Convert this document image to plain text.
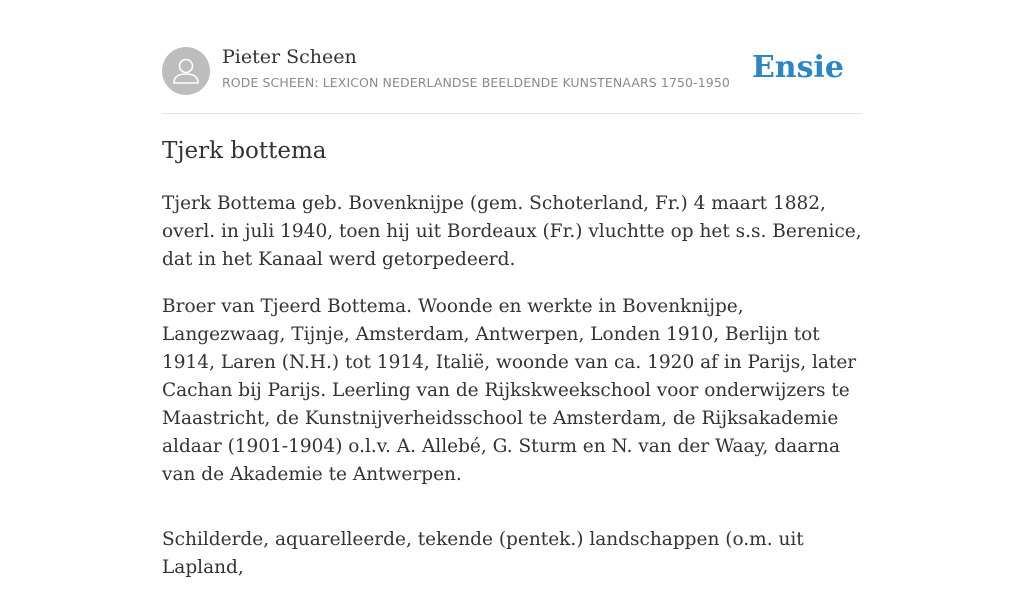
Pieter Scheen
RODE SCHEEN: LEXICON NEDERLANDSE BEELDENDE KUNSTENAARS 1750-1950 Ensie
Tjerk bottema

Tjerk Bottema geb. Bovenknijpe (gem. Schoterland, Fr.) 4 maart 1882, overl. in juli 1940, toen hij uit Bordeaux (Fr.) vluchtte op het s.s. Berenice, dat in het Kanaal werd getorpedeerd.

Broer van Tjeerd Bottema. Woonde en werkte in Bovenknijpe, Langezwaag, Tijnje, Amsterdam, Antwerpen, Londen 1910, Berlijn tot 1914, Laren (N.H.) tot 1914, Italië, woonde van ca. 1920 af in Parijs, later Cachan bij Parijs. Leerling van de Rijkskweekschool voor onderwijzers te Maastricht, de Kunstnijverheidsschool te Amsterdam, de Rijksakademie aldaar (1901-1904) o.l.v. A. Allebé, G. Sturm en N. van der Waay, daarna van de Akademie te Antwerpen.

Schilderde, aquarelleerde, tekende (pentek.) landschappen (o.m. uit Lapland,
